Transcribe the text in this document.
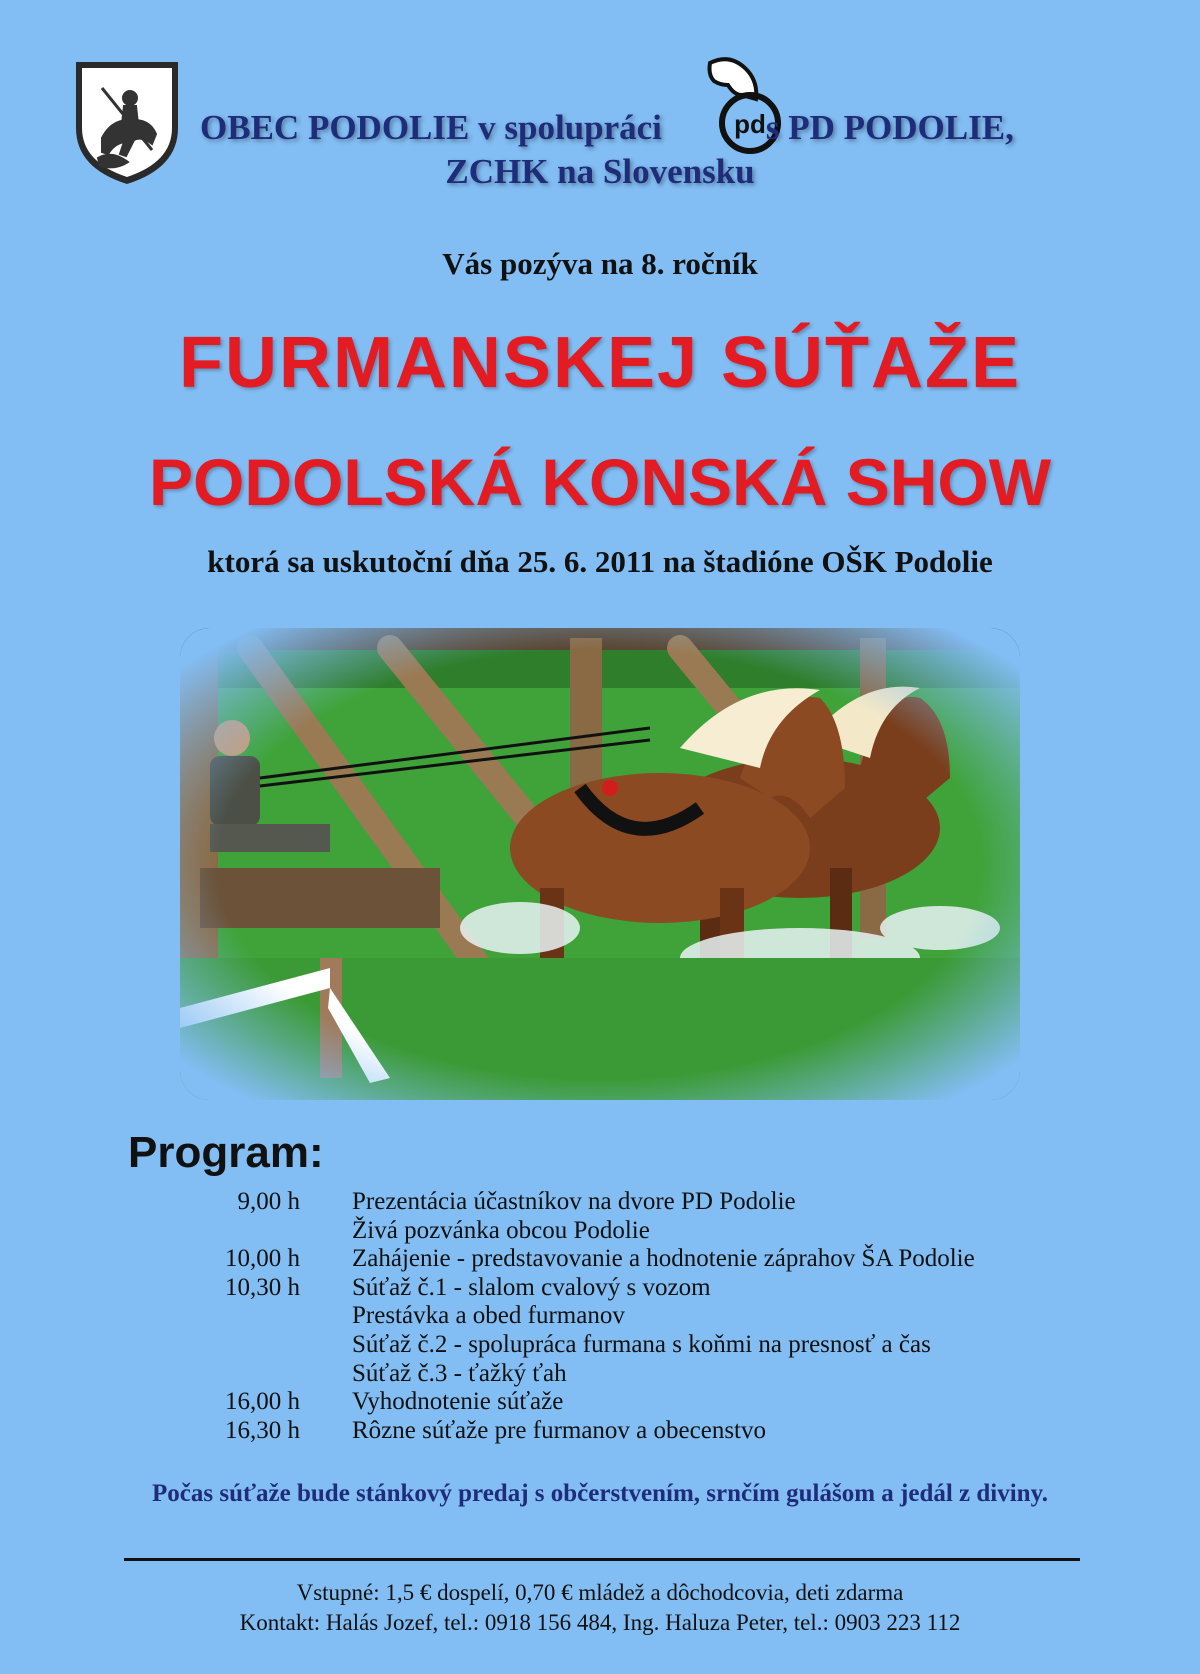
pd
OBEC PODOLIE v spolupráci	s PD PODOLIE,
ZCHK na Slovensku
Vás pozýva na 8. ročník
FURMANSKEJ SÚŤAŽE
PODOLSKÁ KONSKÁ SHOW
ktorá sa uskutoční dňa 25. 6. 2011 na štadióne OŠK Podolie
Program:
9,00 h	Prezentácia účastníkov na dvore PD Podolie
Živá pozvánka obcou Podolie
10,00 h	Zahájenie - predstavovanie a hodnotenie záprahov ŠA Podolie
10,30 h	Súťaž č.1 - slalom cvalový s vozom
Prestávka a obed furmanov
Súťaž č.2 - spolupráca furmana s koňmi na presnosť a čas
Súťaž č.3 - ťažký ťah
16,00 h	Vyhodnotenie súťaže
16,30 h	Rôzne súťaže pre furmanov a obecenstvo
Počas súťaže bude stánkový predaj s občerstvením, srnčím gulášom a jedál z diviny.
Vstupné: 1,5 € dospelí, 0,70 € mládež a dôchodcovia, deti zdarma
Kontakt: Halás Jozef, tel.: 0918 156 484, Ing. Haluza Peter, tel.: 0903 223 112
